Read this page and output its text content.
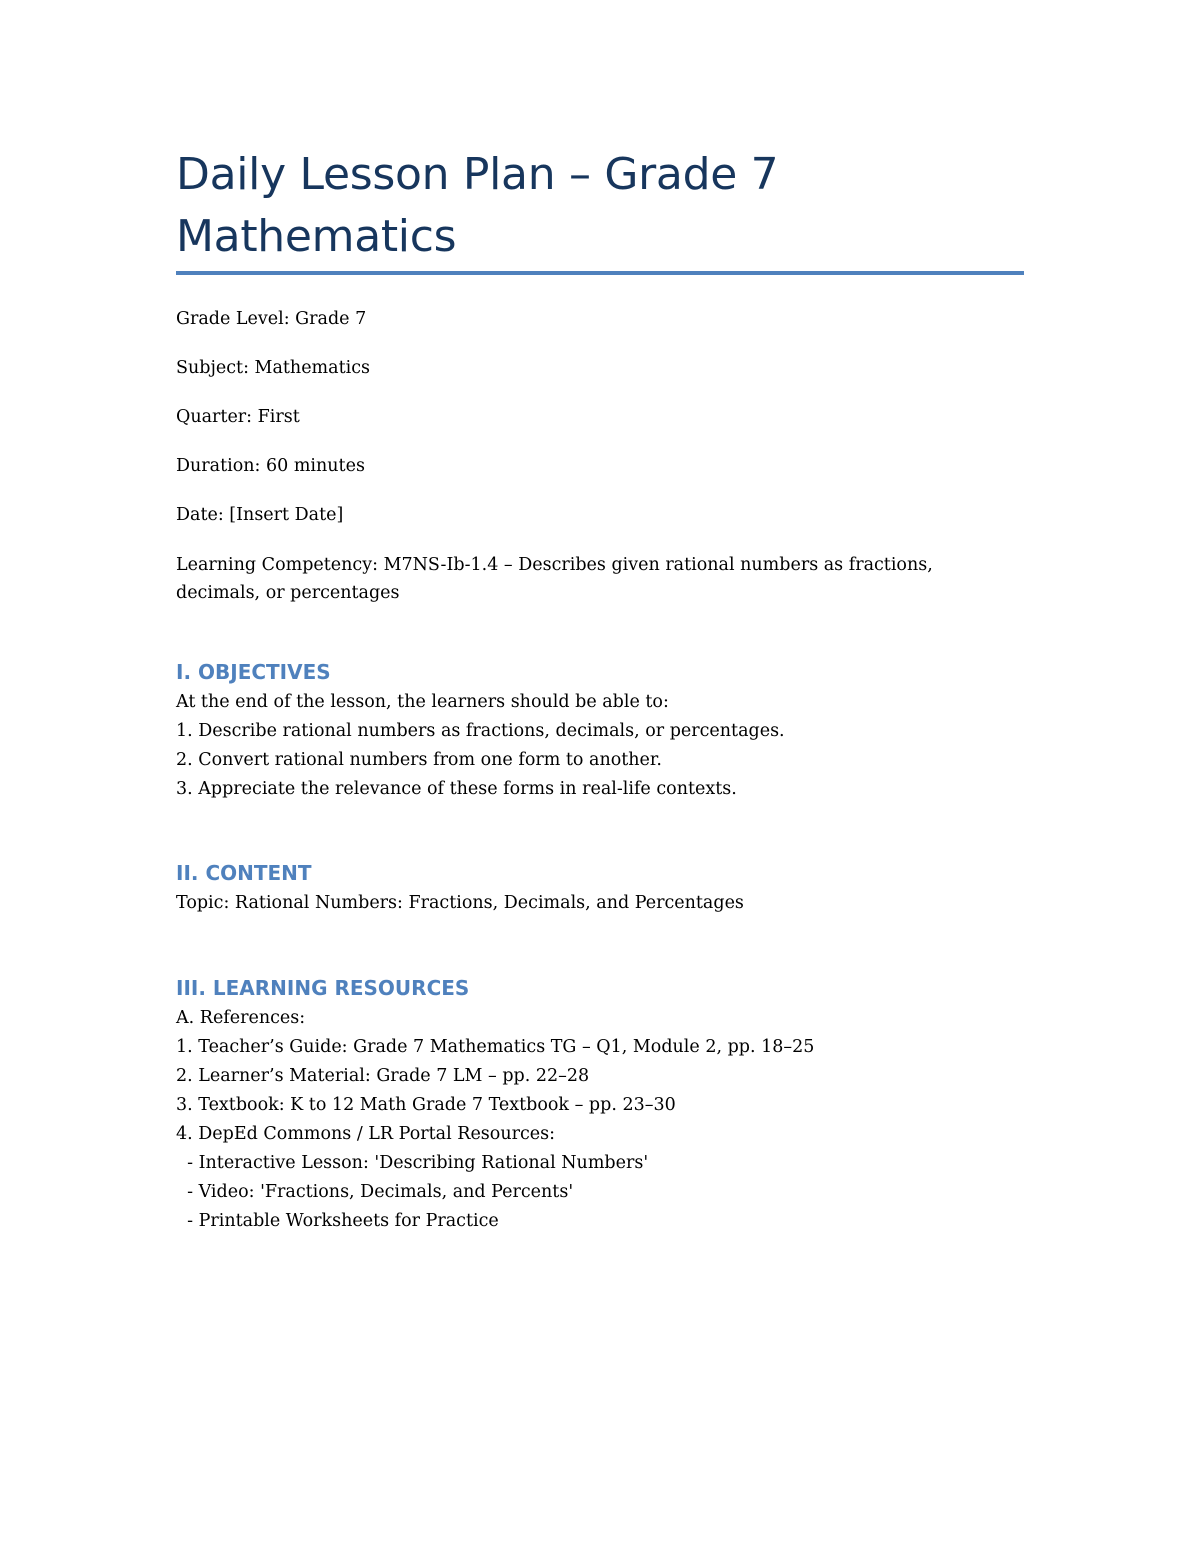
Daily Lesson Plan – Grade 7
Mathematics

Grade Level: Grade 7

Subject: Mathematics

Quarter: First

Duration: 60 minutes

Date: [Insert Date]

Learning Competency: M7NS-Ib-1.4 – Describes given rational numbers as fractions,
decimals, or percentages

I. OBJECTIVES
At the end of the lesson, the learners should be able to:
1. Describe rational numbers as fractions, decimals, or percentages.
2. Convert rational numbers from one form to another.
3. Appreciate the relevance of these forms in real-life contexts.
II. CONTENT
Topic: Rational Numbers: Fractions, Decimals, and Percentages
III. LEARNING RESOURCES
A. References:
1. Teacher’s Guide: Grade 7 Mathematics TG – Q1, Module 2, pp. 18–25
2. Learner’s Material: Grade 7 LM – pp. 22–28
3. Textbook: K to 12 Math Grade 7 Textbook – pp. 23–30
4. DepEd Commons / LR Portal Resources:
- Interactive Lesson: 'Describing Rational Numbers'
- Video: 'Fractions, Decimals, and Percents'
- Printable Worksheets for Practice
